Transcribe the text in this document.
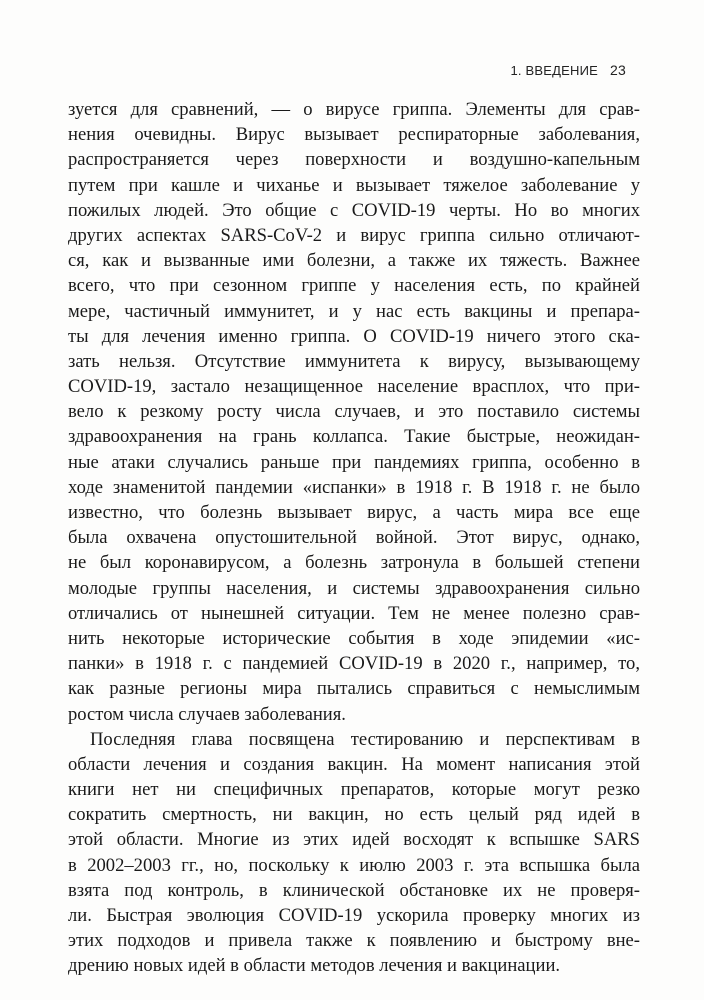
1. ВВЕДЕНИЕ 23
зуется для сравнений, — о вирусе гриппа. Элементы для срав-
нения очевидны. Вирус вызывает респираторные заболевания,
распространяется через поверхности и воздушно-капельным
путем при кашле и чиханье и вызывает тяжелое заболевание у
пожилых людей. Это общие с COVID-19 черты. Но во многих
других аспектах SARS-CoV-2 и вирус гриппа сильно отличают-
ся, как и вызванные ими болезни, а также их тяжесть. Важнее
всего, что при сезонном гриппе у населения есть, по крайней
мере, частичный иммунитет, и у нас есть вакцины и препара-
ты для лечения именно гриппа. О COVID-19 ничего этого ска-
зать нельзя. Отсутствие иммунитета к вирусу, вызывающему
COVID-19, застало незащищенное население врасплох, что при-
вело к резкому росту числа случаев, и это поставило системы
здравоохранения на грань коллапса. Такие быстрые, неожидан-
ные атаки случались раньше при пандемиях гриппа, особенно в
ходе знаменитой пандемии «испанки» в 1918 г. В 1918 г. не было
известно, что болезнь вызывает вирус, а часть мира все еще
была охвачена опустошительной войной. Этот вирус, однако,
не был коронавирусом, а болезнь затронула в большей степени
молодые группы населения, и системы здравоохранения сильно
отличались от нынешней ситуации. Тем не менее полезно срав-
нить некоторые исторические события в ходе эпидемии «ис-
панки» в 1918 г. с пандемией COVID-19 в 2020 г., например, то,
как разные регионы мира пытались справиться с немыслимым
ростом числа случаев заболевания.
Последняя глава посвящена тестированию и перспективам в
области лечения и создания вакцин. На момент написания этой
книги нет ни специфичных препаратов, которые могут резко
сократить смертность, ни вакцин, но есть целый ряд идей в
этой области. Многие из этих идей восходят к вспышке SARS
в 2002–2003 гг., но, поскольку к июлю 2003 г. эта вспышка была
взята под контроль, в клинической обстановке их не проверя-
ли. Быстрая эволюция COVID-19 ускорила проверку многих из
этих подходов и привела также к появлению и быстрому вне-
дрению новых идей в области методов лечения и вакцинации.
